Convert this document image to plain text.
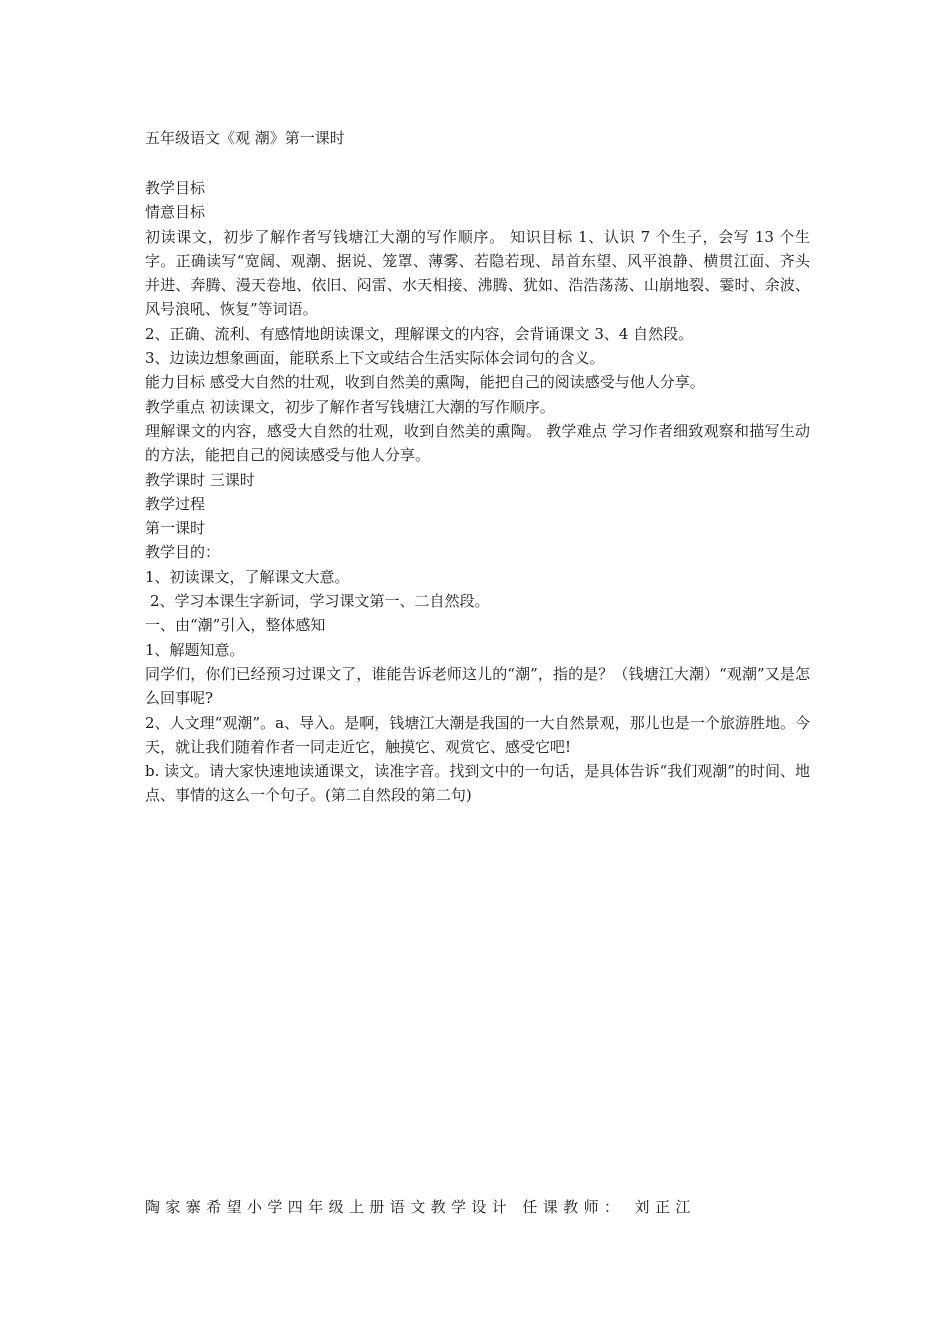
五年级语文《观 潮》第一课时

教学目标

情意目标

初读课文，初步了解作者写钱塘江大潮的写作顺序。 知识目标 1、认识 7 个生子，会写 13 个生字。正确读写“宽阔、观潮、据说、笼罩、薄雾、若隐若现、昂首东望、风平浪静、横贯江面、齐头并进、奔腾、漫天卷地、依旧、闷雷、水天相接、沸腾、犹如、浩浩荡荡、山崩地裂、霎时、余波、风号浪吼、恢复”等词语。

2、正确、流利、有感情地朗读课文，理解课文的内容，会背诵课文 3、4 自然段。

3、边读边想象画面，能联系上下文或结合生活实际体会词句的含义。

能力目标 感受大自然的壮观，收到自然美的熏陶，能把自己的阅读感受与他人分享。

教学重点 初读课文，初步了解作者写钱塘江大潮的写作顺序。

理解课文的内容，感受大自然的壮观，收到自然美的熏陶。 教学难点 学习作者细致观察和描写生动的方法，能把自己的阅读感受与他人分享。

教学课时 三课时

教学过程

第一课时

教学目的：

1、初读课文，了解课文大意。

2、学习本课生字新词，学习课文第一、二自然段。

一、由“潮”引入，整体感知

1、解题知意。

同学们，你们已经预习过课文了，谁能告诉老师这儿的“潮”，指的是？（钱塘江大潮）“观潮”又是怎么回事呢?

2、人文理“观潮”。a、导入。是啊，钱塘江大潮是我国的一大自然景观，那儿也是一个旅游胜地。今天，就让我们随着作者一同走近它，触摸它、观赏它、感受它吧!

b. 读文。请大家快速地读通课文，读准字音。找到文中的一句话，是具体告诉“我们观潮”的时间、地点、事情的这么一个句子。(第二自然段的第二句)

陶家寨希望小学四年级上册语文教学设计 任课教师： 刘正江
